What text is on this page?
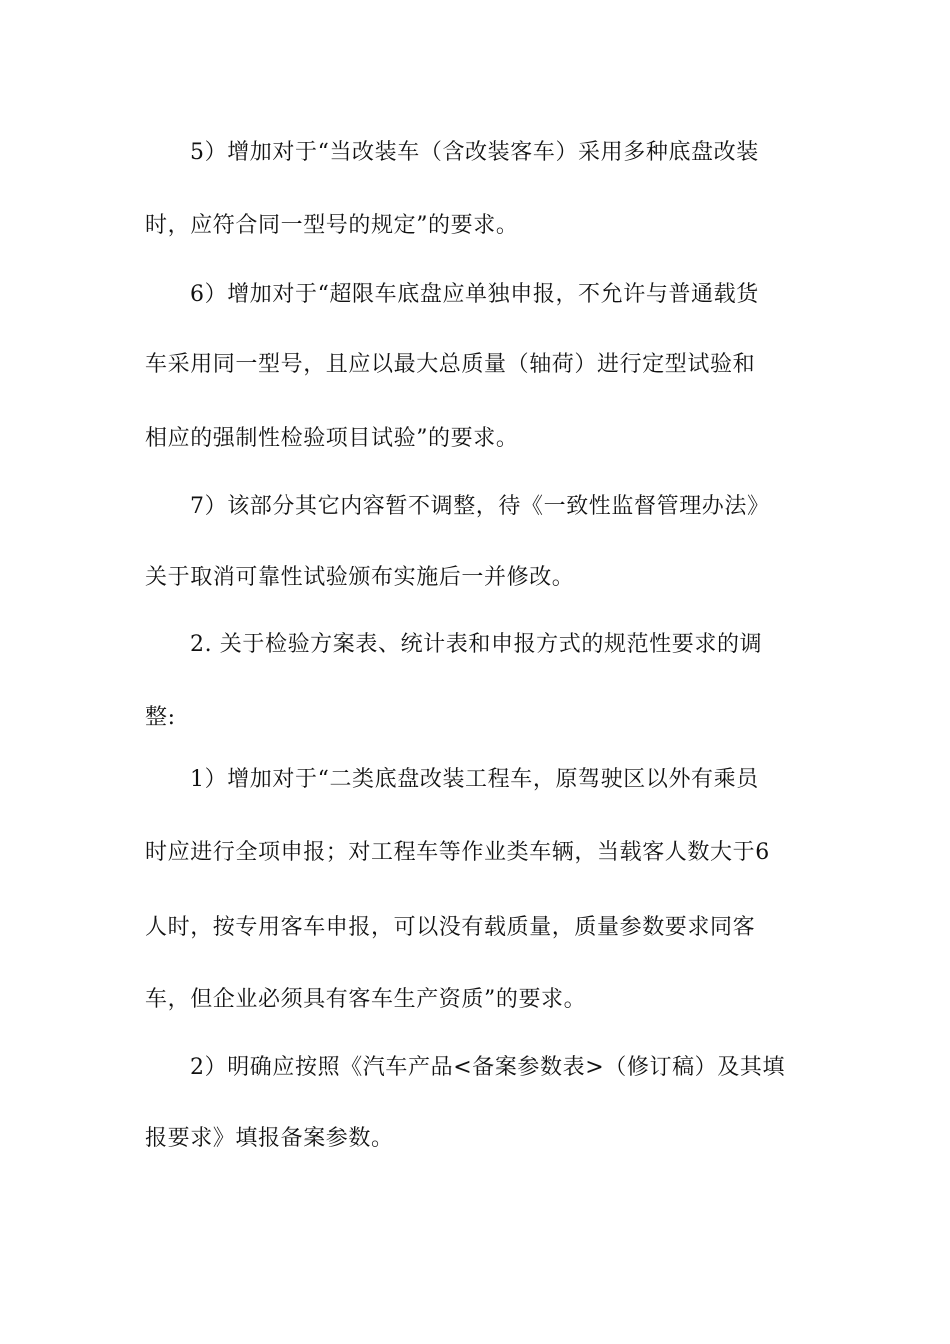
5）增加对于“当改装车（含改装客车）采用多种底盘改装
时，应符合同一型号的规定”的要求。
6）增加对于“超限车底盘应单独申报，不允许与普通载货
车采用同一型号，且应以最大总质量（轴荷）进行定型试验和
相应的强制性检验项目试验”的要求。
7）该部分其它内容暂不调整，待《一致性监督管理办法》
关于取消可靠性试验颁布实施后一并修改。
2. 关于检验方案表、统计表和申报方式的规范性要求的调
整:
1）增加对于“二类底盘改装工程车，原驾驶区以外有乘员
时应进行全项申报；对工程车等作业类车辆，当载客人数大于6
人时，按专用客车申报，可以没有载质量，质量参数要求同客
车，但企业必须具有客车生产资质”的要求。
2）明确应按照《汽车产品<备案参数表>（修订稿）及其填
报要求》填报备案参数。
